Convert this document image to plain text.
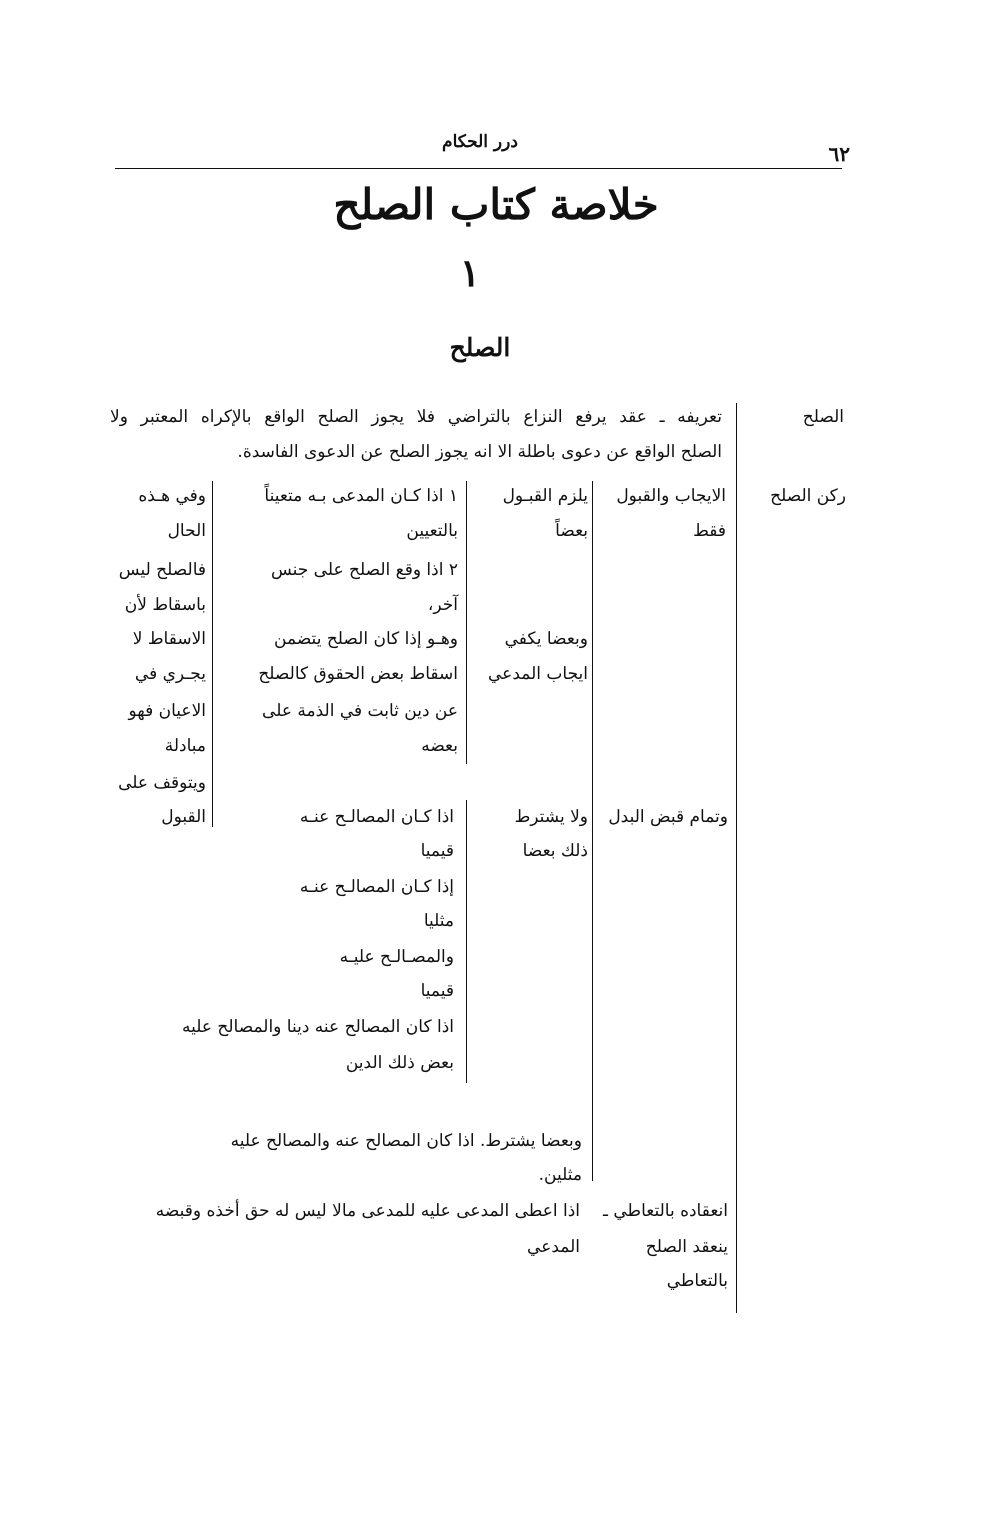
درر الحكام	٦٢
خلاصة كتاب الصلح
١
الصلح
الصلح
تعريفه ـ عقد يرفع النزاع بالتراضي فلا يجوز الصلح الواقع بالإكراه المعتبر ولا
الصلح الواقع عن دعوى باطلة الا انه يجوز الصلح عن الدعوى الفاسدة.
ركن الصلح
الايجاب والقبول
فقط
يلزم القبـول
بعضاً
وبعضا يكفي
ايجاب المدعي
١ اذا كـان المدعى بـه متعيناً
بالتعيين
٢ اذا وقع الصلح على جنس
آخر،
وهـو إذا كان الصلح يتضمن
اسقاط بعض الحقوق كالصلح
عن دين ثابت في الذمة على
بعضه
وفي هـذه
الحال
فالصلح ليس
باسقاط لأن
الاسقاط لا
يجـري في
الاعيان فهو
مبادلة
ويتوقف على
القبول	وتمام قبض البدل
ولا يشترط
ذلك بعضا
اذا كـان المصالـح عنـه
قيميا
إذا كـان المصالـح عنـه
مثليا
والمصـالـح عليـه
قيميا
اذا كان المصالح عنه دينا والمصالح عليه
بعض ذلك الدين
وبعضا يشترط. اذا كان المصالح عنه والمصالح عليه
مثلين.
انعقاده بالتعاطي ـ
ينعقد الصلح
بالتعاطي
اذا اعطى المدعى عليه للمدعى مالا ليس له حق أخذه وقبضه
المدعي
